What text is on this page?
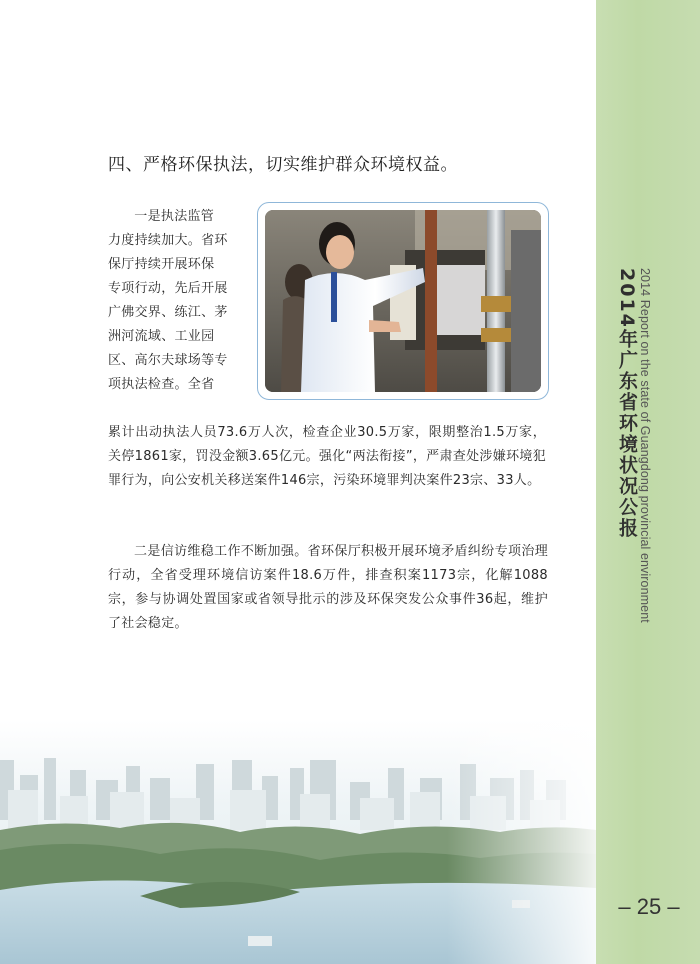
2014 Report on the state of Guangdong provincial environment
2014年广东省环境状况公报
– 25 –
四、严格环保执法，切实维护群众环境权益。
　一是执法监管
力度持续加大。省环
保厅持续开展环保
专项行动，先后开展
广佛交界、练江、茅
洲河流域、工业园
区、高尔夫球场等专
项执法检查。全省

累计出动执法人员73.6万人次，检查企业30.5万家，限期整治1.5万家，关停1861家，罚没金额3.65亿元。强化“两法衔接”，严肃查处涉嫌环境犯罪行为，向公安机关移送案件146宗，污染环境罪判决案件23宗、33人。

二是信访维稳工作不断加强。省环保厅积极开展环境矛盾纠纷专项治理行动，全省受理环境信访案件18.6万件，排查积案1173宗，化解1088宗，参与协调处置国家或省领导批示的涉及环保突发公众事件36起，维护了社会稳定。
